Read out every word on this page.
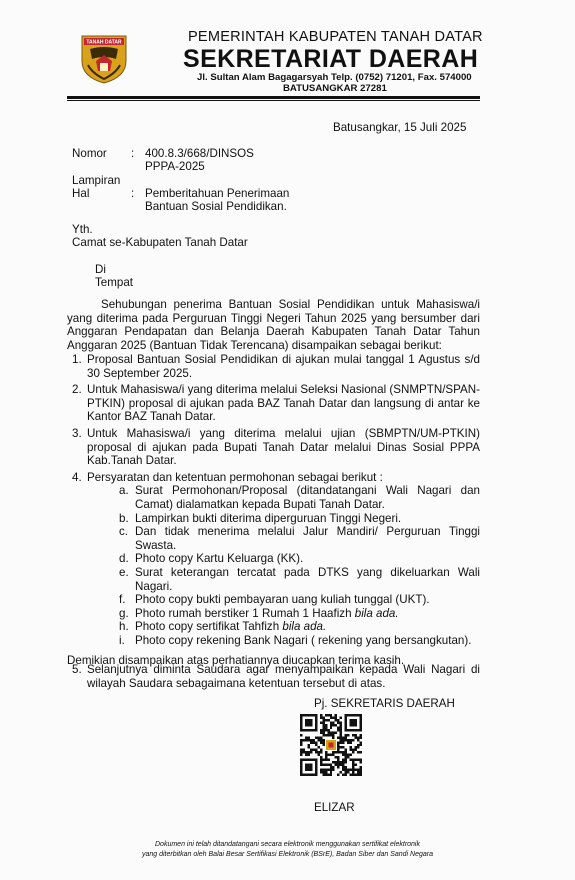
TANAH DATAR	PEMERINTAH KABUPATEN TANAH DATAR
SEKRETARIAT DAERAH
Jl. Sultan Alam Bagagarsyah Telp. (0752) 71201, Fax. 574000
BATUSANGKAR 27281
Batusangkar, 15 Juli 2025
Nomor : 400.8.3/668/DINSOS
PPPA-2025
Lampiran
Hal	: Pemberitahuan Penerimaan
Bantuan Sosial Pendidikan.
Yth.
Camat se-Kabupaten Tanah Datar
Di
Tempat
Sehubungan penerima Bantuan Sosial Pendidikan untuk Mahasiswa/i yang diterima pada Perguruan Tinggi Negeri Tahun 2025 yang bersumber dari Anggaran Pendapatan dan Belanja Daerah Kabupaten Tanah Datar Tahun Anggaran 2025 (Bantuan Tidak Terencana) disampaikan sebagai berikut:
1. Proposal Bantuan Sosial Pendidikan di ajukan mulai tanggal 1 Agustus s/d 30 September 2025.
2. Untuk Mahasiswa/i yang diterima melalui Seleksi Nasional (SNMPTN/SPAN-PTKIN) proposal di ajukan pada BAZ Tanah Datar dan langsung di antar ke Kantor BAZ Tanah Datar.
3. Untuk Mahasiswa/i yang diterima melalui ujian (SBMPTN/UM-PTKIN) proposal di ajukan pada Bupati Tanah Datar melalui Dinas Sosial PPPA Kab.Tanah Datar.
4. Persyaratan dan ketentuan permohonan sebagai berikut :
a. Surat Permohonan/Proposal (ditandatangani Wali Nagari dan Camat) dialamatkan kepada Bupati Tanah Datar.
b. Lampirkan bukti diterima diperguruan Tinggi Negeri.
c. Dan tidak menerima melalui Jalur Mandiri/ Perguruan Tinggi Swasta.
d. Photo copy Kartu Keluarga (KK).
e. Surat keterangan tercatat pada DTKS yang dikeluarkan Wali Nagari.
f. Photo copy bukti pembayaran uang kuliah tunggal (UKT).
g. Photo rumah berstiker 1 Rumah 1 Haafizh bila ada.
h. Photo copy sertifikat Tahfizh bila ada.
i. Photo copy rekening Bank Nagari ( rekening yang bersangkutan).
5. Selanjutnya diminta Saudara agar menyampaikan kepada Wali Nagari di wilayah Saudara sebagaimana ketentuan tersebut di atas.
Demikian disampaikan atas perhatiannya diucapkan terima kasih.
Pj. SEKRETARIS DAERAH
ELIZAR
Dokumen ini telah ditandatangani secara elektronik menggunakan sertifikat elektronik
yang diterbitkan oleh Balai Besar Sertifikasi Elektronik (BSrE), Badan Siber dan Sandi Negara
